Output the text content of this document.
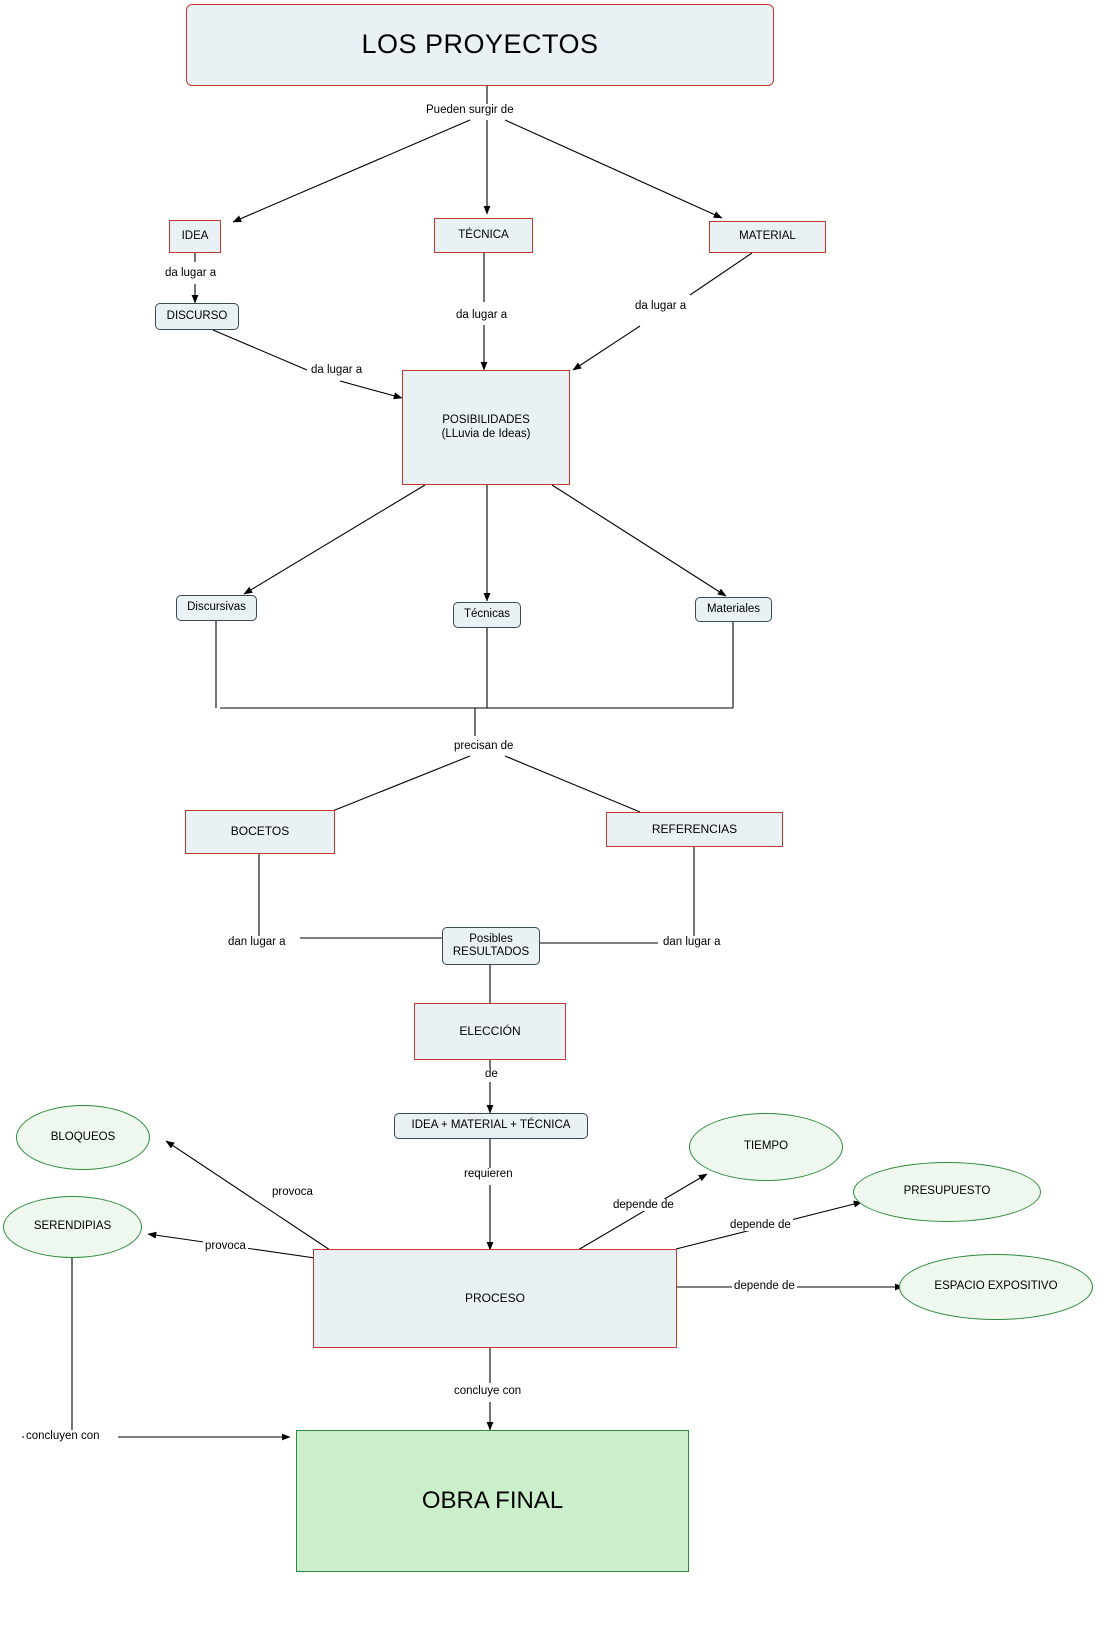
LOS PROYECTOS
IDEA	TÉCNICA	MATERIAL
DISCURSO
POSIBILIDADES
(LLuvia de Ideas)
Discursivas
Técnicas	Materiales
BOCETOS	REFERENCIAS
Posibles
RESULTADOS
ELECCIÓN
IDEA + MATERIAL + TÉCNICA
BLOQUEOS
SERENDIPIAS
PROCESO
TIEMPO
PRESUPUESTO
ESPACIO EXPOSITIVO
OBRA FINAL
Pueden surgir de
da lugar a
da lugar a
da lugar a
da lugar a
precisan de
dan lugar a	dan lugar a
de
requieren
provoca
provoca
depende de
depende de
depende de
concluye con
concluyen con
